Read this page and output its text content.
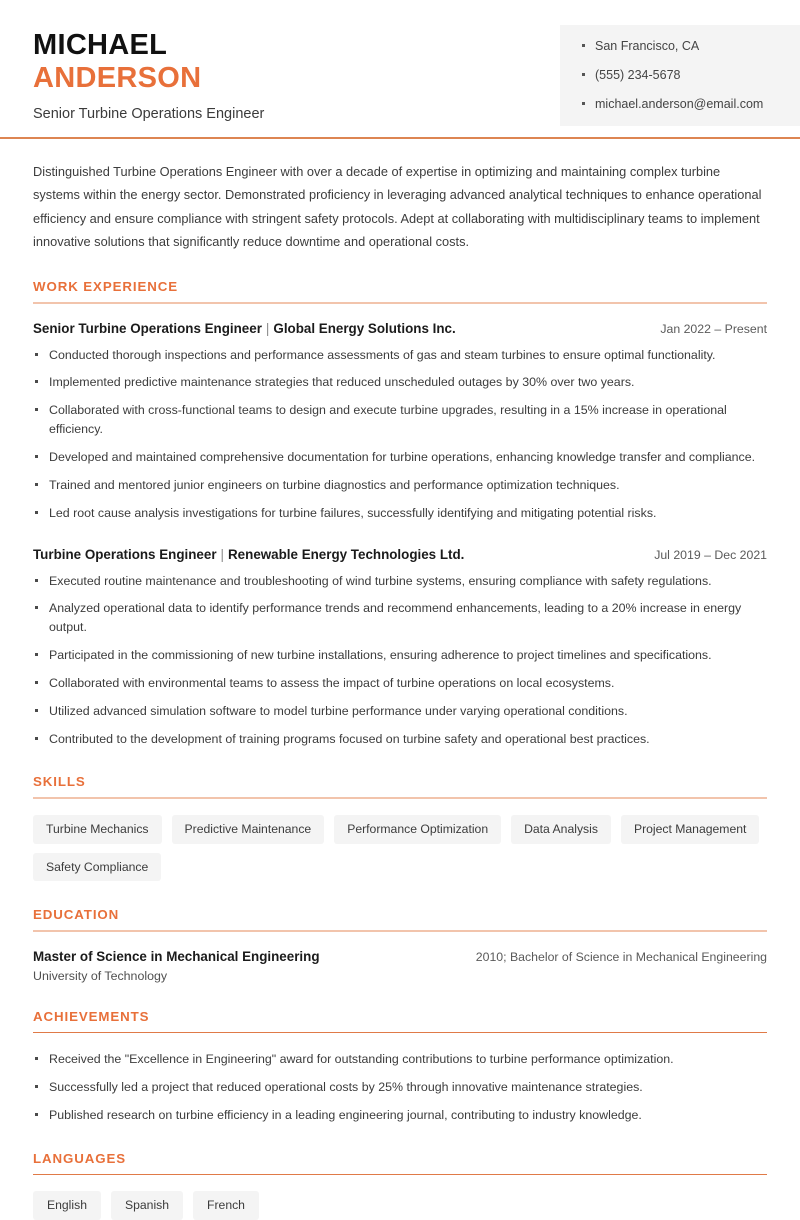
MICHAEL
ANDERSON
Senior Turbine Operations Engineer
San Francisco, CA
(555) 234-5678
michael.anderson@email.com

Distinguished Turbine Operations Engineer with over a decade of expertise in optimizing and maintaining complex turbine systems within the energy sector. Demonstrated proficiency in leveraging advanced analytical techniques to enhance operational efficiency and ensure compliance with stringent safety protocols. Adept at collaborating with multidisciplinary teams to implement innovative solutions that significantly reduce downtime and operational costs.

WORK EXPERIENCE
Senior Turbine Operations Engineer | Global Energy Solutions Inc.	Jan 2022 – Present
Conducted thorough inspections and performance assessments of gas and steam turbines to ensure optimal functionality.
Implemented predictive maintenance strategies that reduced unscheduled outages by 30% over two years.
Collaborated with cross-functional teams to design and execute turbine upgrades, resulting in a 15% increase in operational efficiency.
Developed and maintained comprehensive documentation for turbine operations, enhancing knowledge transfer and compliance.
Trained and mentored junior engineers on turbine diagnostics and performance optimization techniques.
Led root cause analysis investigations for turbine failures, successfully identifying and mitigating potential risks.
Turbine Operations Engineer | Renewable Energy Technologies Ltd.	Jul 2019 – Dec 2021
Executed routine maintenance and troubleshooting of wind turbine systems, ensuring compliance with safety regulations.
Analyzed operational data to identify performance trends and recommend enhancements, leading to a 20% increase in energy output.
Participated in the commissioning of new turbine installations, ensuring adherence to project timelines and specifications.
Collaborated with environmental teams to assess the impact of turbine operations on local ecosystems.
Utilized advanced simulation software to model turbine performance under varying operational conditions.
Contributed to the development of training programs focused on turbine safety and operational best practices.
SKILLS
Turbine Mechanics	Predictive Maintenance	Performance Optimization	Data Analysis	Project Management
Safety Compliance
EDUCATION
Master of Science in Mechanical Engineering	2010; Bachelor of Science in Mechanical Engineering
University of Technology
ACHIEVEMENTS
Received the "Excellence in Engineering" award for outstanding contributions to turbine performance optimization.
Successfully led a project that reduced operational costs by 25% through innovative maintenance strategies.
Published research on turbine efficiency in a leading engineering journal, contributing to industry knowledge.
LANGUAGES
English	Spanish	French
